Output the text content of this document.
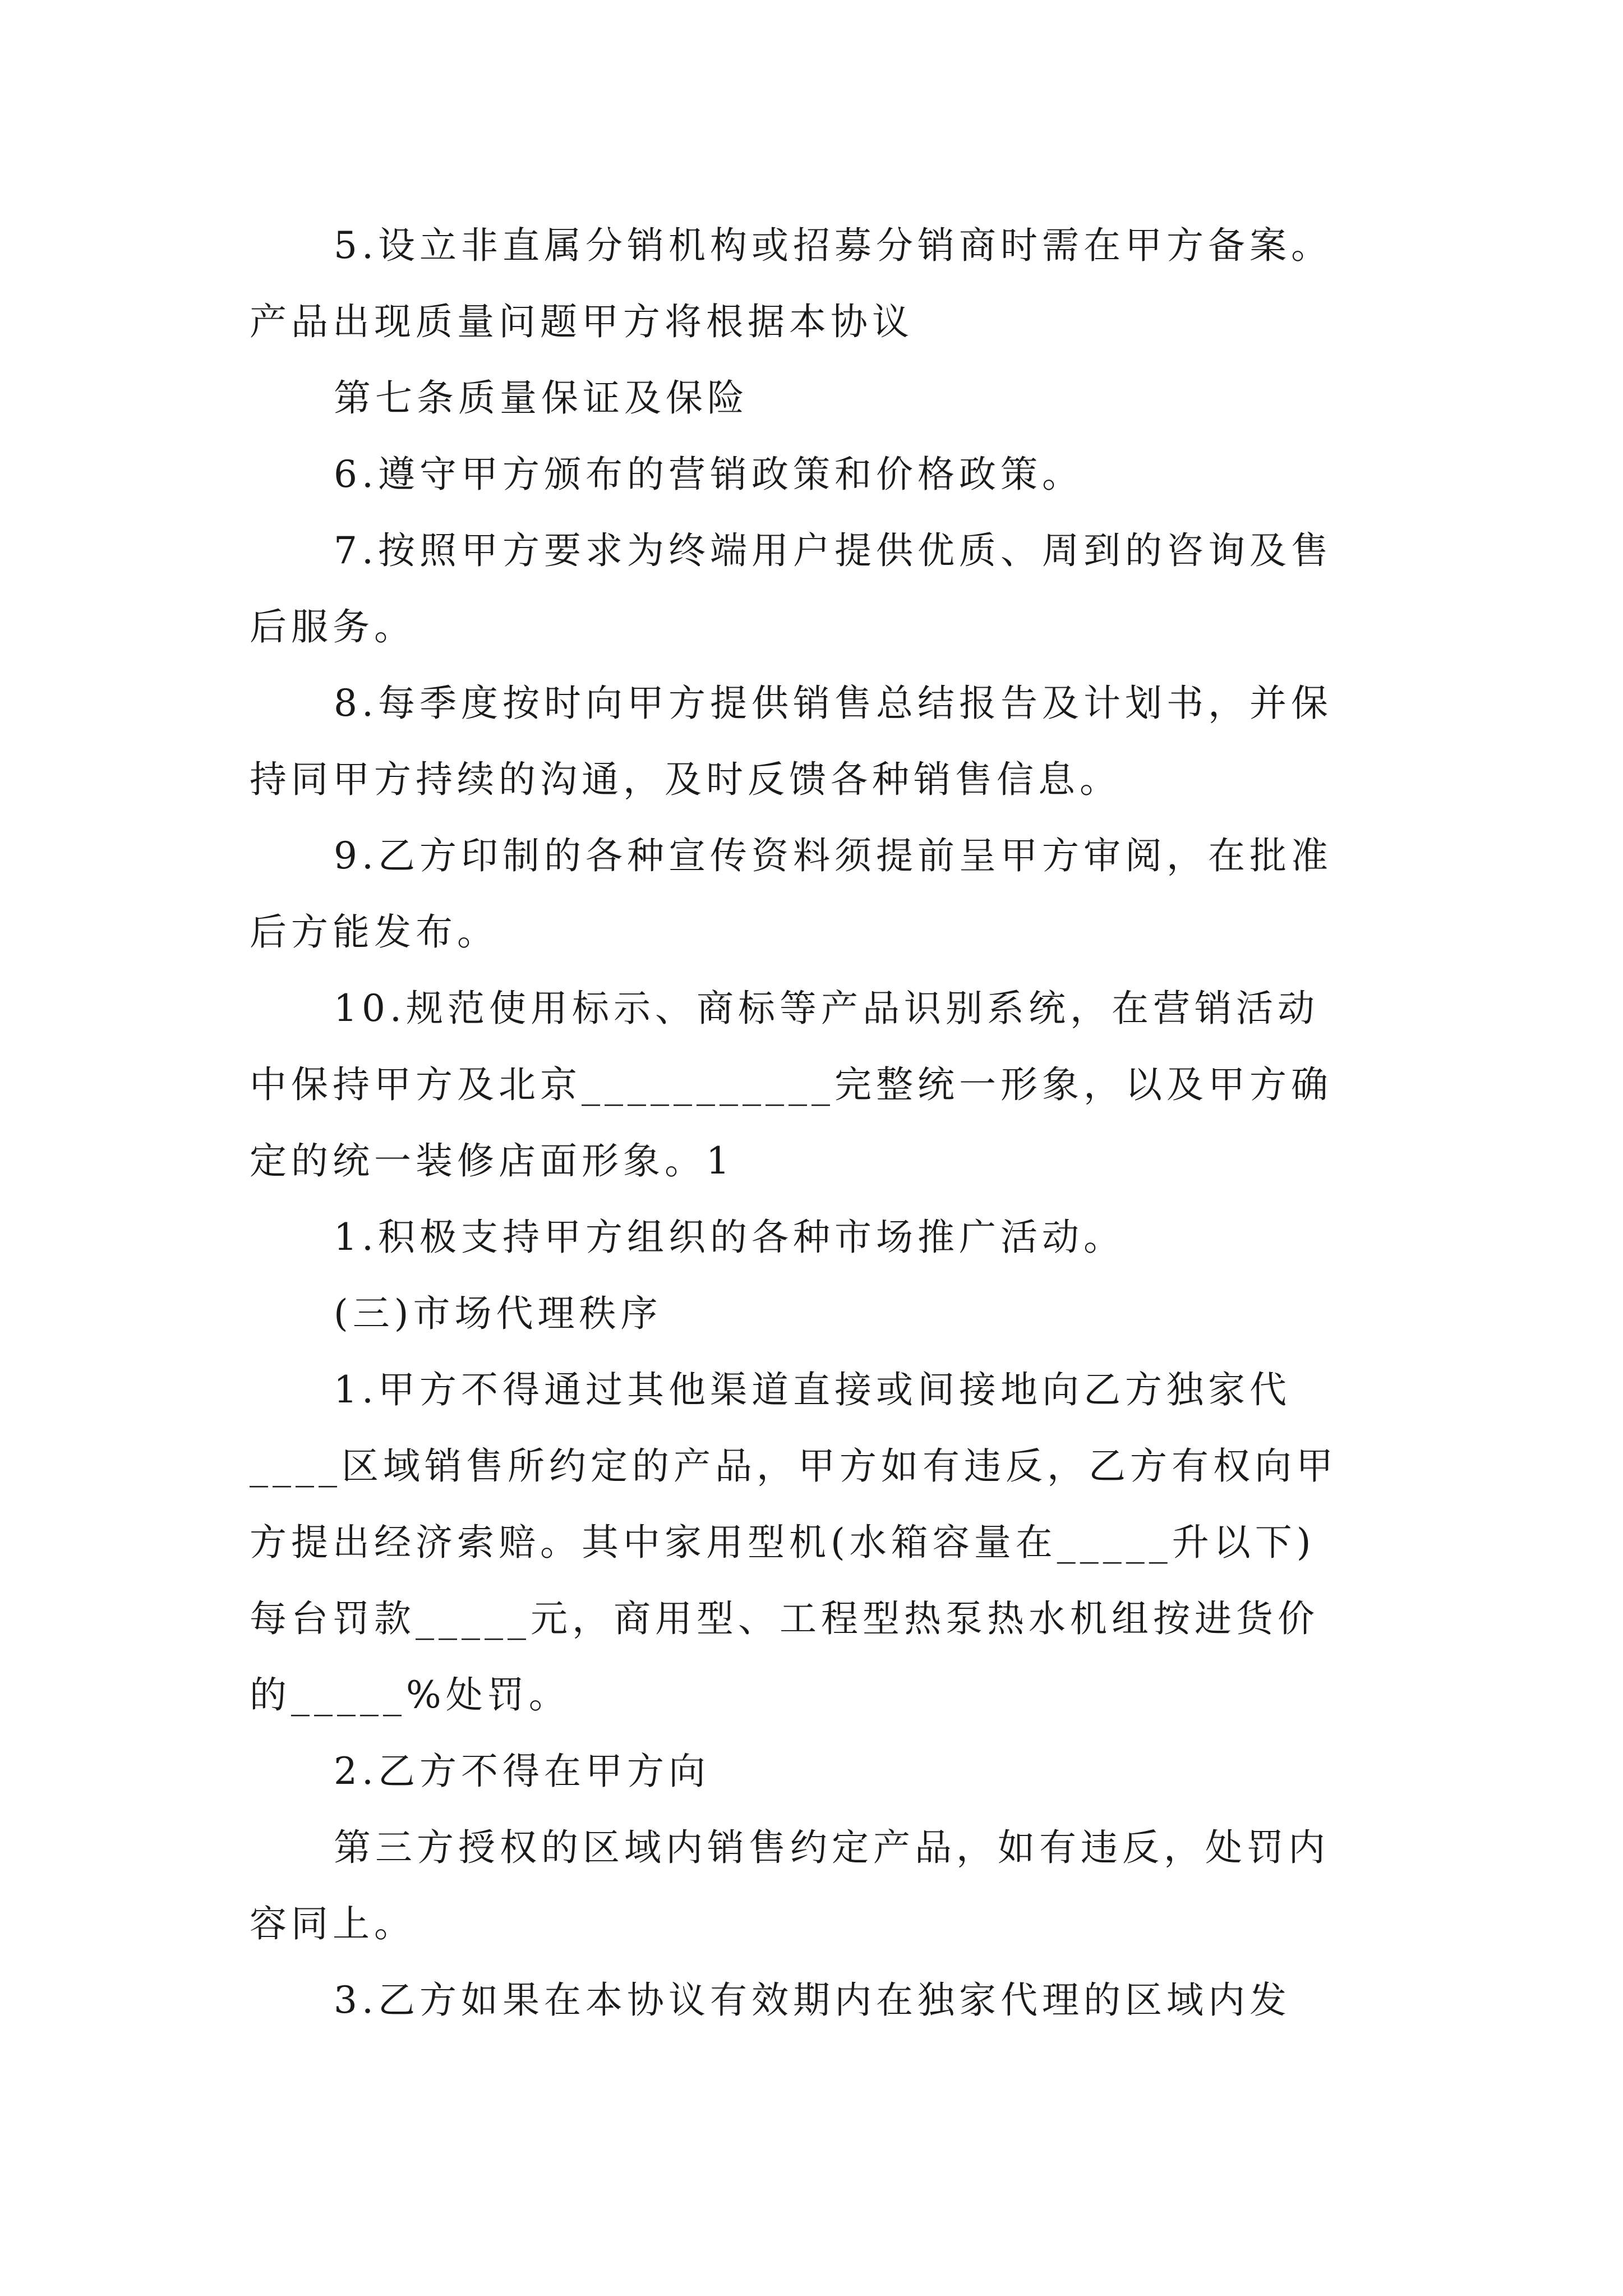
5.设立非直属分销机构或招募分销商时需在甲方备案。
产品出现质量问题甲方将根据本协议

第七条质量保证及保险

6.遵守甲方颁布的营销政策和价格政策。

7.按照甲方要求为终端用户提供优质、周到的咨询及售
后服务。

8.每季度按时向甲方提供销售总结报告及计划书，并保
持同甲方持续的沟通，及时反馈各种销售信息。

9.乙方印制的各种宣传资料须提前呈甲方审阅，在批准
后方能发布。

10.规范使用标示、商标等产品识别系统，在营销活动
中保持甲方及北京___________完整统一形象，以及甲方确
定的统一装修店面形象。1

1.积极支持甲方组织的各种市场推广活动。

(三)市场代理秩序

1.甲方不得通过其他渠道直接或间接地向乙方独家代
____区域销售所约定的产品，甲方如有违反，乙方有权向甲
方提出经济索赔。其中家用型机(水箱容量在_____升以下)
每台罚款_____元，商用型、工程型热泵热水机组按进货价
的_____%处罚。

2.乙方不得在甲方向

第三方授权的区域内销售约定产品，如有违反，处罚内
容同上。

3.乙方如果在本协议有效期内在独家代理的区域内发
